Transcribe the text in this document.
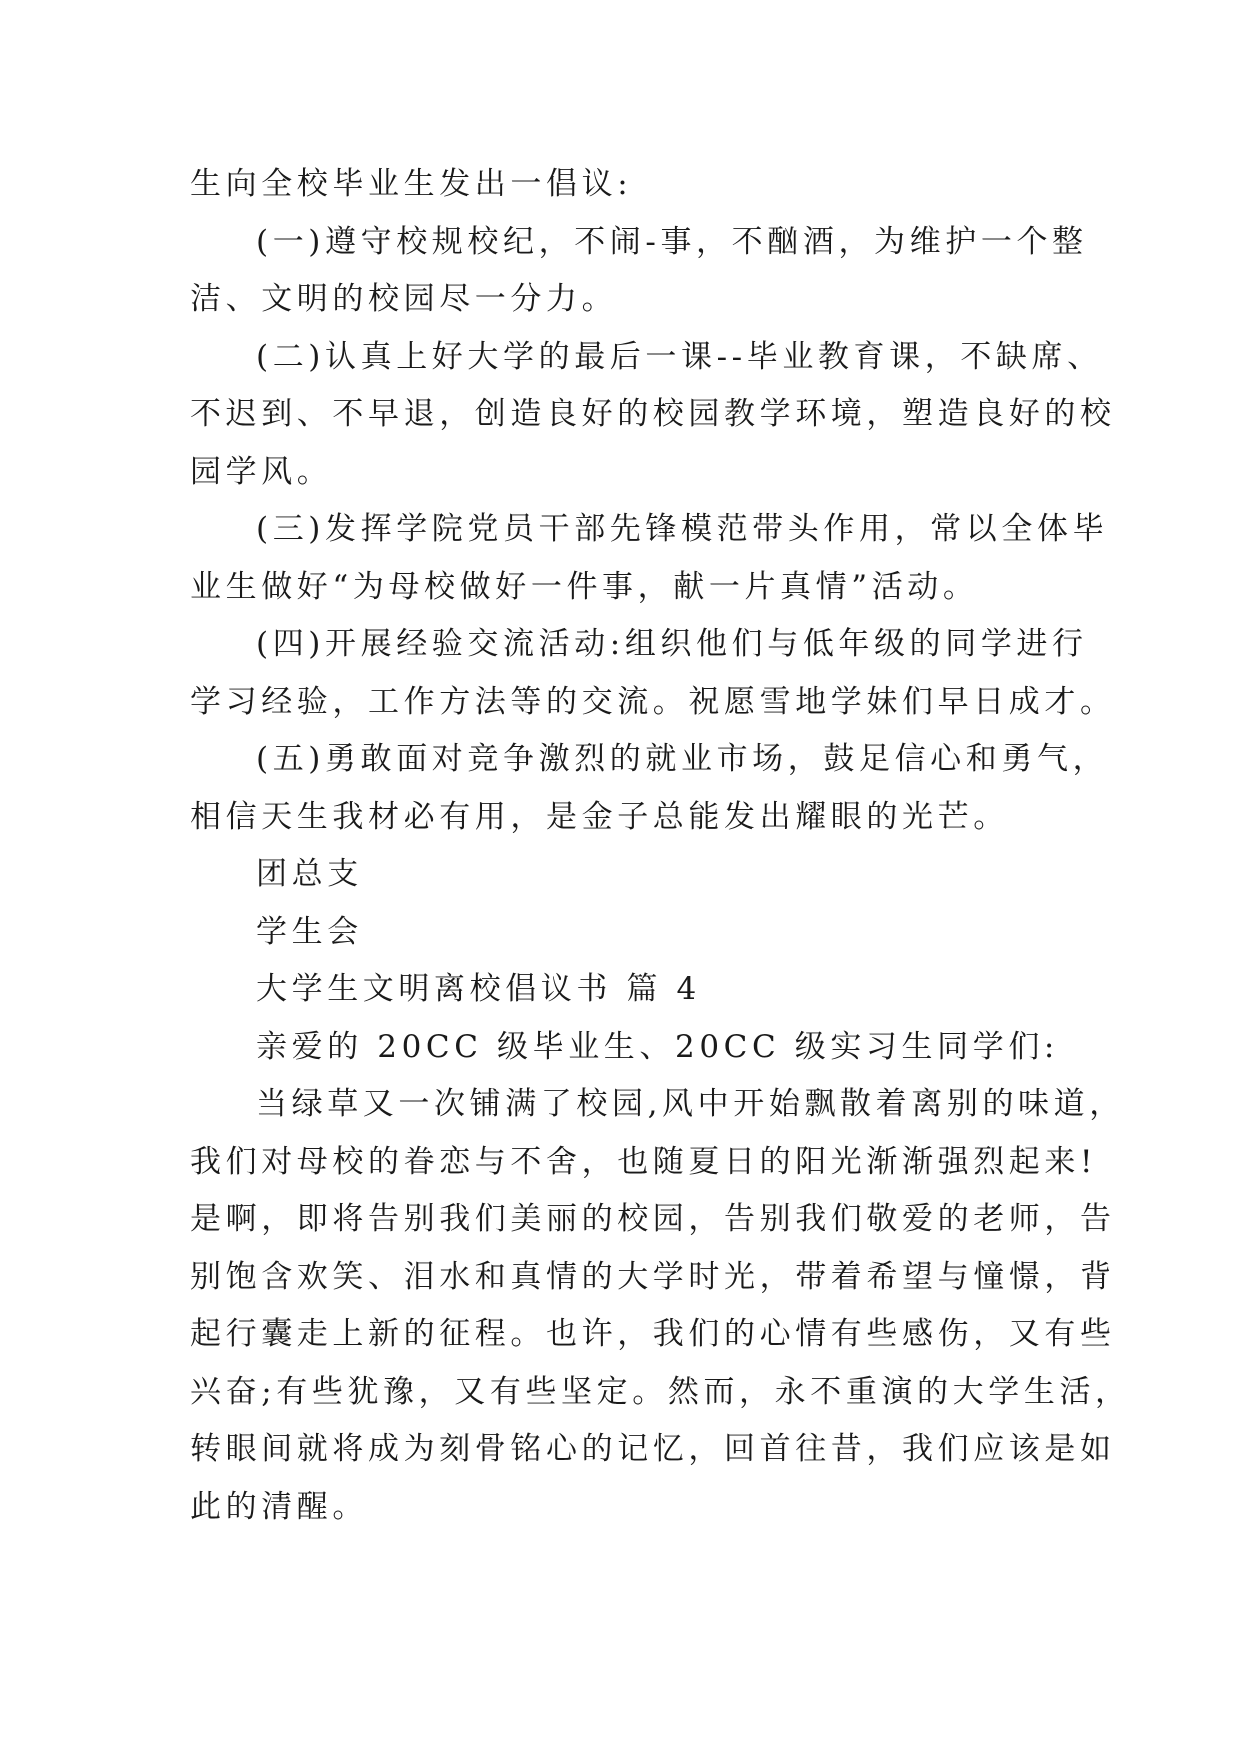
生向全校毕业生发出一倡议:

(一)遵守校规校纪，不闹-事，不酗酒，为维护一个整

洁、文明的校园尽一分力。

(二)认真上好大学的最后一课--毕业教育课，不缺席、

不迟到、不早退，创造良好的校园教学环境，塑造良好的校

园学风。

(三)发挥学院党员干部先锋模范带头作用，常以全体毕

业生做好“为母校做好一件事，献一片真情”活动。

(四)开展经验交流活动:组织他们与低年级的同学进行

学习经验，工作方法等的交流。祝愿雪地学妹们早日成才。

(五)勇敢面对竞争激烈的就业市场，鼓足信心和勇气，

相信天生我材必有用，是金子总能发出耀眼的光芒。

团总支

学生会

大学生文明离校倡议书 篇 4

亲爱的 20CC 级毕业生、20CC 级实习生同学们:

当绿草又一次铺满了校园,风中开始飘散着离别的味道，

我们对母校的眷恋与不舍，也随夏日的阳光渐渐强烈起来!

是啊，即将告别我们美丽的校园，告别我们敬爱的老师，告

别饱含欢笑、泪水和真情的大学时光，带着希望与憧憬，背

起行囊走上新的征程。也许，我们的心情有些感伤，又有些

兴奋;有些犹豫，又有些坚定。然而，永不重演的大学生活，

转眼间就将成为刻骨铭心的记忆，回首往昔，我们应该是如

此的清醒。
